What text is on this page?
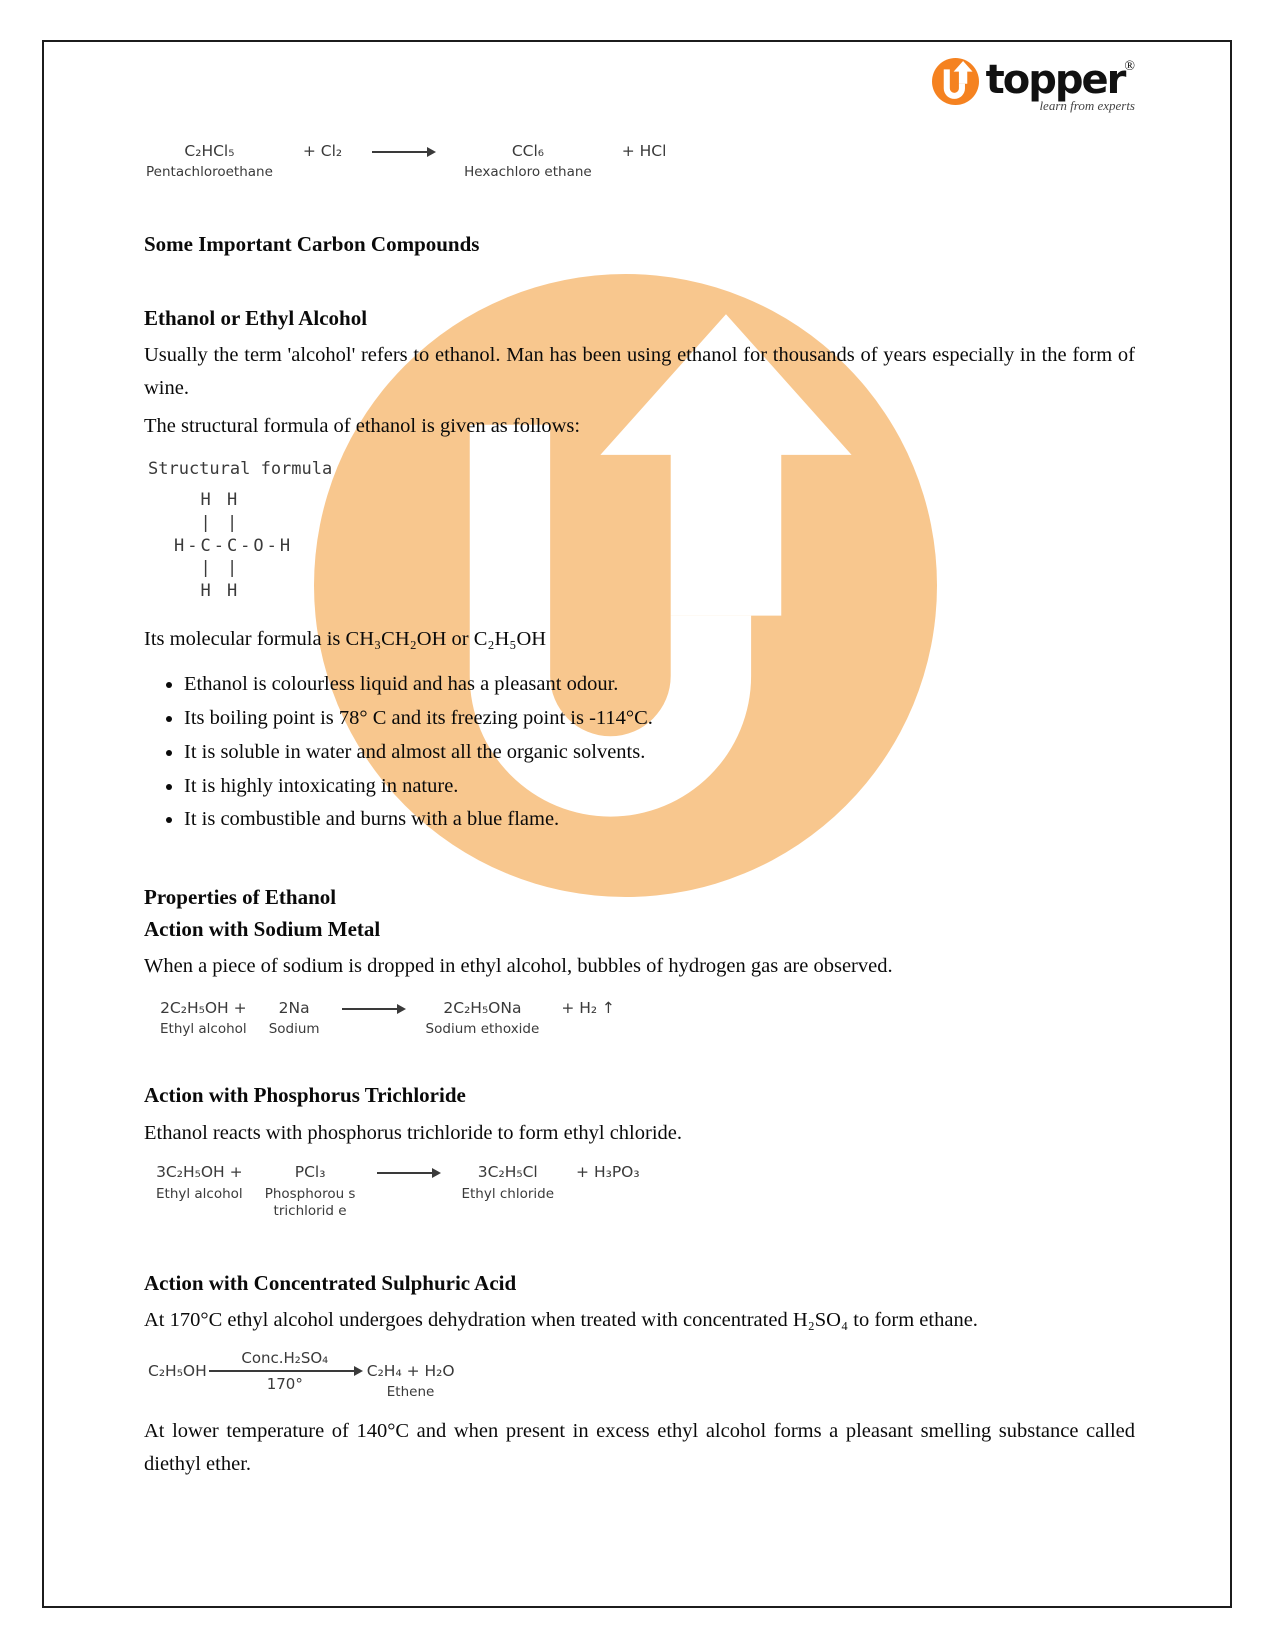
topper ®
learn from experts
C₂HCl₅
Pentachloroethane
+ Cl₂	CCl₆
Hexachloro ethane
+ HCl
Some Important Carbon Compounds
Ethanol or Ethyl Alcohol

Usually the term 'alcohol' refers to ethanol. Man has been using ethanol for thousands of years especially in the form of wine.

The structural formula of ethanol is given as follows:

Structural formula
H H
| |
H-C-C-O-H
| |
H H

Its molecular formula is CH₃CH₂OH or C₂H₅OH

• Ethanol is colourless liquid and has a pleasant odour.
• Its boiling point is 78° C and its freezing point is -114°C.
• It is soluble in water and almost all the organic solvents.
• It is highly intoxicating in nature.
• It is combustible and burns with a blue flame.
Properties of Ethanol
Action with Sodium Metal

When a piece of sodium is dropped in ethyl alcohol, bubbles of hydrogen gas are observed.

2C₂H₅OH +
Ethyl alcohol
2Na
Sodium
2C₂H₅ONa
Sodium ethoxide
+ H₂ ↑
Action with Phosphorus Trichloride

Ethanol reacts with phosphorus trichloride to form ethyl chloride.

3C₂H₅OH +
Ethyl alcohol
PCl₃
Phosphorou s
trichlorid e
3C₂H₅Cl
Ethyl chloride
+ H₃PO₃
Action with Concentrated Sulphuric Acid

At 170°C ethyl alcohol undergoes dehydration when treated with concentrated H₂SO₄ to form ethane.

C₂H₅OH
Conc.H₂SO₄
170°
C₂H₄ + H₂O
Ethene

At lower temperature of 140°C and when present in excess ethyl alcohol forms a pleasant smelling substance called diethyl ether.
